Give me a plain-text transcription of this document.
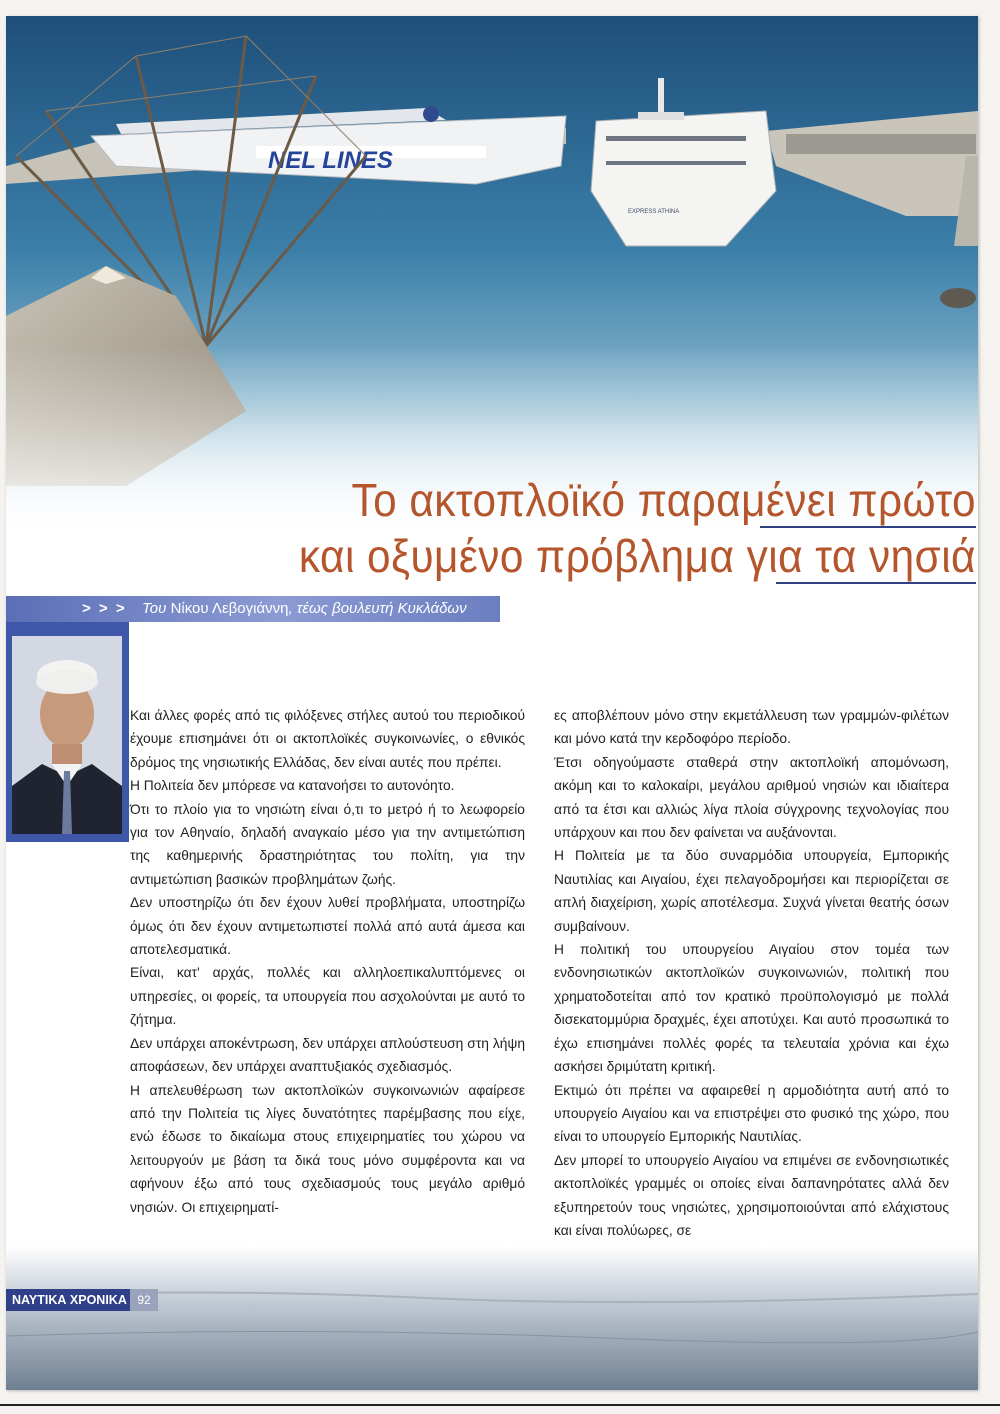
NEL LINES
EXPRESS ATHINA
Το ακτοπλοϊκό παραμένει πρώτο
και οξυμένο πρόβλημα για τα νησιά
> > > Του Νίκου Λεβογιάννη, τέως βουλευτή Κυκλάδων

Και άλλες φορές από τις φιλόξενες στήλες αυτού του περιοδικού έχουμε επισημάνει ότι οι ακτοπλοϊκές συγκοινωνίες, ο εθνικός δρόμος της νησιωτικής Ελλάδας, δεν είναι αυτές που πρέπει.

Η Πολιτεία δεν μπόρεσε να κατανοήσει το αυτονόητο.

Ότι το πλοίο για το νησιώτη είναι ό,τι το μετρό ή το λεωφορείο για τον Αθηναίο, δηλαδή αναγκαίο μέσο για την αντιμετώπιση της καθημερινής δραστηριότητας του πολίτη, για την αντιμετώπιση βασικών προβλημάτων ζωής.

Δεν υποστηρίζω ότι δεν έχουν λυθεί προβλήματα, υποστηρίζω όμως ότι δεν έχουν αντιμετωπιστεί πολλά από αυτά άμεσα και αποτελεσματικά.

Είναι, κατ' αρχάς, πολλές και αλληλοεπικαλυπτόμενες οι υπηρεσίες, οι φορείς, τα υπουργεία που ασχολούνται με αυτό το ζήτημα.

Δεν υπάρχει αποκέντρωση, δεν υπάρχει απλούστευση στη λήψη αποφάσεων, δεν υπάρχει αναπτυξιακός σχεδιασμός.

Η απελευθέρωση των ακτοπλοϊκών συγκοινωνιών αφαίρεσε από την Πολιτεία τις λίγες δυνατότητες παρέμβασης που είχε, ενώ έδωσε το δικαίωμα στους επιχειρηματίες του χώρου να λειτουργούν με βάση τα δικά τους μόνο συμφέροντα και να αφήνουν έξω από τους σχεδιασμούς τους μεγάλο αριθμό νησιών. Οι επιχειρηματί-

ες αποβλέπουν μόνο στην εκμετάλλευση των γραμμών-φιλέτων και μόνο κατά την κερδοφόρο περίοδο.

Έτσι οδηγούμαστε σταθερά στην ακτοπλοϊκή απομόνωση, ακόμη και το καλοκαίρι, μεγάλου αριθμού νησιών και ιδιαίτερα από τα έτσι και αλλιώς λίγα πλοία σύγχρονης τεχνολογίας που υπάρχουν και που δεν φαίνεται να αυξάνονται.

Η Πολιτεία με τα δύο συναρμόδια υπουργεία, Εμπορικής Ναυτιλίας και Αιγαίου, έχει πελαγοδρομήσει και περιορίζεται σε απλή διαχείριση, χωρίς αποτέλεσμα. Συχνά γίνεται θεατής όσων συμβαίνουν.

Η πολιτική του υπουργείου Αιγαίου στον τομέα των ενδονησιωτικών ακτοπλοϊκών συγκοινωνιών, πολιτική που χρηματοδοτείται από τον κρατικό προϋπολογισμό με πολλά δισεκατομμύρια δραχμές, έχει αποτύχει. Και αυτό προσωπικά το έχω επισημάνει πολλές φορές τα τελευταία χρόνια και έχω ασκήσει δριμύτατη κριτική.

Εκτιμώ ότι πρέπει να αφαιρεθεί η αρμοδιότητα αυτή από το υπουργείο Αιγαίου και να επιστρέψει στο φυσικό της χώρο, που είναι το υπουργείο Εμπορικής Ναυτιλίας.

Δεν μπορεί το υπουργείο Αιγαίου να επιμένει σε ενδονησιωτικές ακτοπλοϊκές γραμμές οι οποίες είναι δαπανηρότατες αλλά δεν εξυπηρετούν τους νησιώτες, χρησιμοποιούνται από ελάχιστους και είναι πολύωρες, σε

ΝΑΥΤΙΚΑ ΧΡΟΝΙΚΑ 92
